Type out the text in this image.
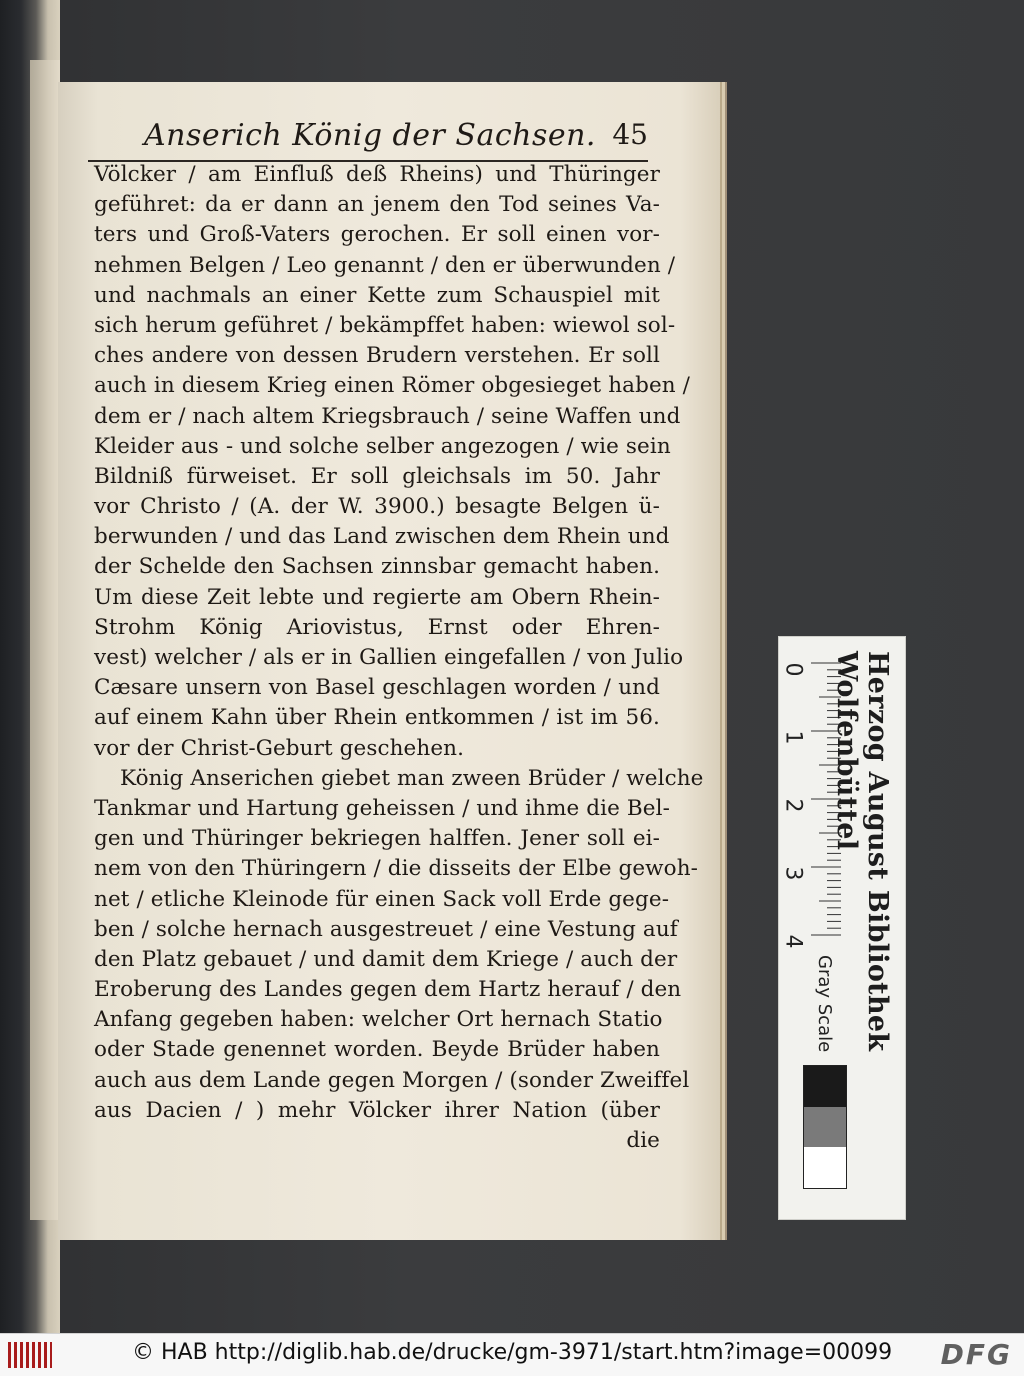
Anserich König der Sachsen. 45
Völcker / am Einfluß deß Rheins) und Thüringer
geführet: da er dann an jenem den Tod seines Va-
ters und Groß-Vaters gerochen. Er soll einen vor-
nehmen Belgen / Leo genannt / den er überwunden /
und nachmals an einer Kette zum Schauspiel mit
sich herum geführet / bekämpffet haben: wiewol sol-
ches andere von dessen Brudern verstehen. Er soll
auch in diesem Krieg einen Römer obgesieget haben /
dem er / nach altem Kriegsbrauch / seine Waffen und
Kleider aus - und solche selber angezogen / wie sein
Bildniß fürweiset. Er soll gleichsals im 50. Jahr
vor Christo / (A. der W. 3900.) besagte Belgen ü-
berwunden / und das Land zwischen dem Rhein und
der Schelde den Sachsen zinnsbar gemacht haben.
Um diese Zeit lebte und regierte am Obern Rhein-
Strohm König Ariovistus, Ernst oder Ehren-
vest) welcher / als er in Gallien eingefallen / von Julio
Cæsare unsern von Basel geschlagen worden / und
auf einem Kahn über Rhein entkommen / ist im 56.
vor der Christ-Geburt geschehen.
König Anserichen giebet man zween Brüder / welche
Tankmar und Hartung geheissen / und ihme die Bel-
gen und Thüringer bekriegen halffen. Jener soll ei-
nem von den Thüringern / die disseits der Elbe gewoh-
net / etliche Kleinode für einen Sack voll Erde gege-
ben / solche hernach ausgestreuet / eine Vestung auf
den Platz gebauet / und damit dem Kriege / auch der
Eroberung des Landes gegen dem Hartz herauf / den
Anfang gegeben haben: welcher Ort hernach Statio
oder Stade genennet worden. Beyde Brüder haben
auch aus dem Lande gegen Morgen / (sonder Zweiffel
aus Dacien / ) mehr Völcker ihrer Nation (über
die
0
1
2
3
4	Herzog August Bibliothek Wolfenbüttel
Gray Scale
© HAB http://diglib.hab.de/drucke/gm-3971/start.htm?image=00099 DFG
